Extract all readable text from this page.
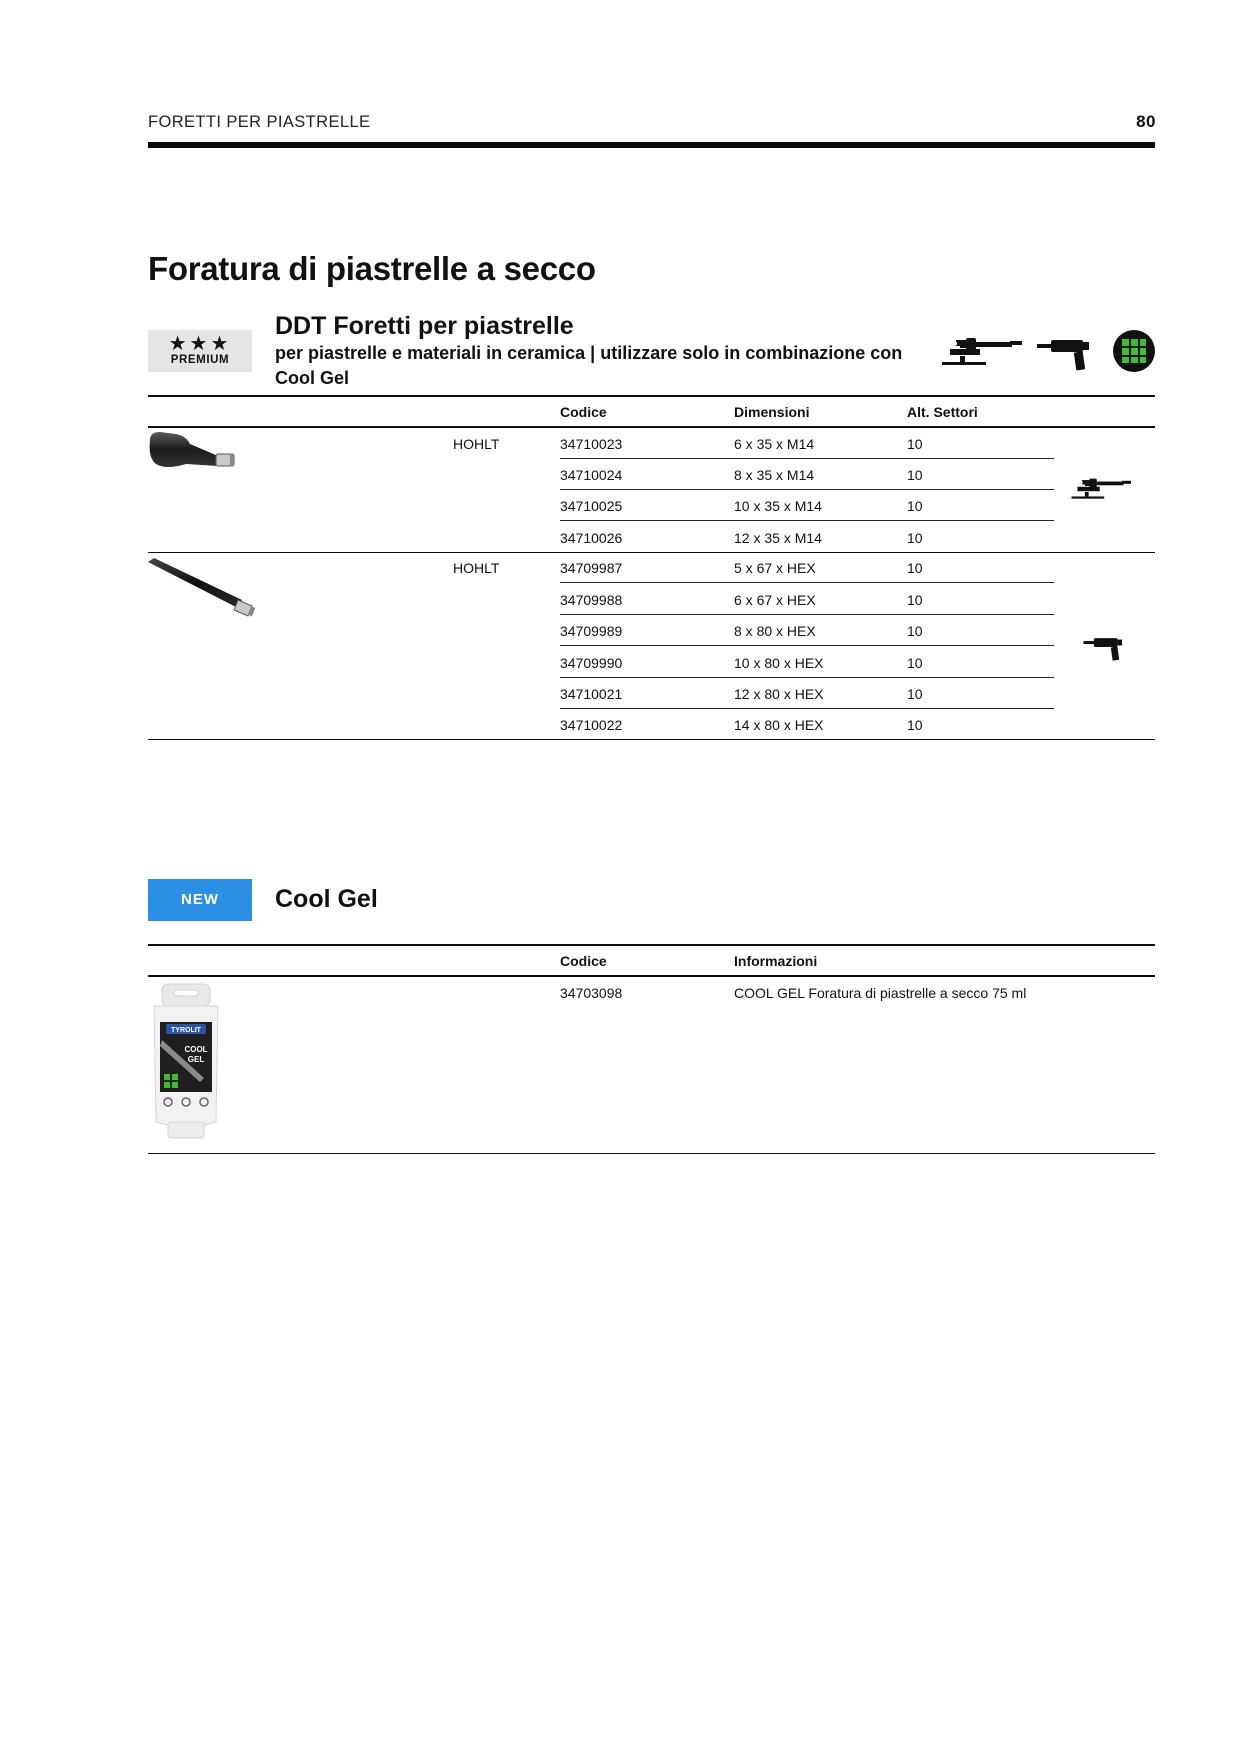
FORETTI PER PIASTRELLE	80
Foratura di piastrelle a secco
★★★
PREMIUM
DDT Foretti per piastrelle
per piastrelle e materiali in ceramica | utilizzare solo in combinazione con Cool Gel
Codice	Dimensioni	Alt. Settori
HOHLT	34710023	6 x 35 x M14	10
34710024	8 x 35 x M14	10
34710025	10 x 35 x M14	10
34710026	12 x 35 x M14	10
HOHLT	34709987	5 x 67 x HEX	10
34709988	6 x 67 x HEX	10
34709989	8 x 80 x HEX	10
34709990	10 x 80 x HEX	10
34710021	12 x 80 x HEX	10
34710022	14 x 80 x HEX	10
NEW	Cool Gel
Codice	Informazioni
34703098	COOL GEL Foratura di piastrelle a secco 75 ml
TYROLIT
COOL
GEL
